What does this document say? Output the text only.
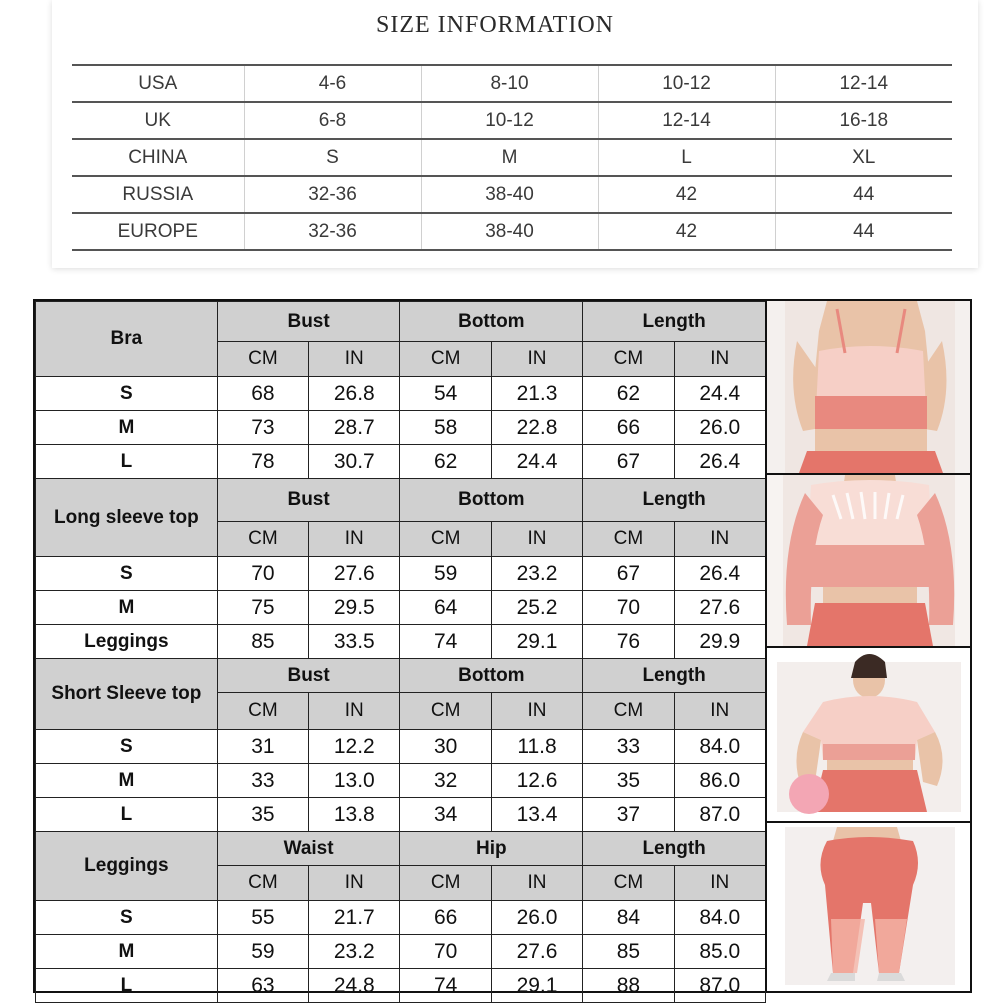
SIZE INFORMATION
USA	4-6	8-10	10-12	12-14
UK	6-8	10-12	12-14	16-18
CHINA	S	M	L	XL
RUSSIA	32-36	38-40	42	44
EUROPE	32-36	38-40	42	44
Bra	Bust		Bottom		Length	
	CM	IN	CM	IN	CM	IN
S	68	26.8	54	21.3	62	24.4
M	73	28.7	58	22.8	66	26.0
L	78	30.7	62	24.4	67	26.4
Long sleeve top	Bust		Bottom		Length	
	CM	IN	CM	IN	CM	IN
S	70	27.6	59	23.2	67	26.4
M	75	29.5	64	25.2	70	27.6
Leggings	85	33.5	74	29.1	76	29.9
Short Sleeve top	Bust		Bottom		Length	
	CM	IN	CM	IN	CM	IN
S	31	12.2	30	11.8	33	84.0
M	33	13.0	32	12.6	35	86.0
L	35	13.8	34	13.4	37	87.0
Leggings	Waist		Hip		Length	
	CM	IN	CM	IN	CM	IN
S	55	21.7	66	26.0	84	84.0
M	59	23.2	70	27.6	85	85.0
L	63	24.8	74	29.1	88	87.0
